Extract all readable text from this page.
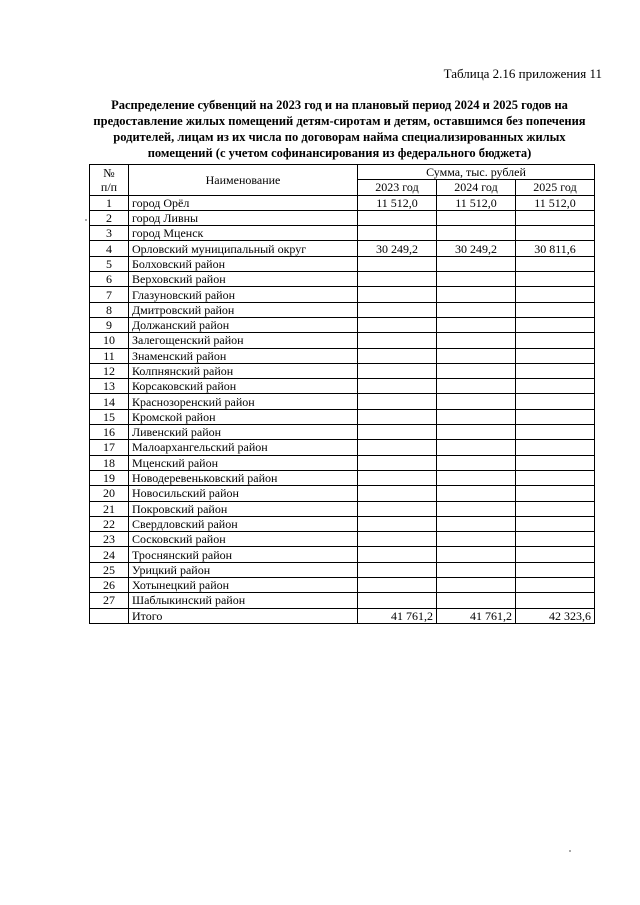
Таблица 2.16 приложения 11
Распределение субвенций на 2023 год и на плановый период 2024 и 2025 годов на предоставление жилых помещений детям-сиротам и детям, оставшимся без попечения родителей, лицам из их числа по договорам найма специализированных жилых помещений (с учетом софинансирования из федерального бюджета)
№
п/п	Наименование	Сумма, тыс. рублей		
		2023 год	2024 год	2025 год
1	город Орёл	11 512,0	11 512,0	11 512,0
2	город Ливны			
3	город Мценск			
4	Орловский муниципальный округ	30 249,2	30 249,2	30 811,6
5	Болховский район			
6	Верховский район			
7	Глазуновский район			
8	Дмитровский район			
9	Должанский район			
10	Залегощенский район			
11	Знаменский район			
12	Колпнянский район			
13	Корсаковский район			
14	Краснозоренский район			
15	Кромской район			
16	Ливенский район			
17	Малоархангельский район			
18	Мценский район			
19	Новодеревеньковский район			
20	Новосильский район			
21	Покровский район			
22	Свердловский район			
23	Сосковский район			
24	Троснянский район			
25	Урицкий район			
26	Хотынецкий район			
27	Шаблыкинский район			
	Итого	41 761,2	41 761,2	42 323,6
